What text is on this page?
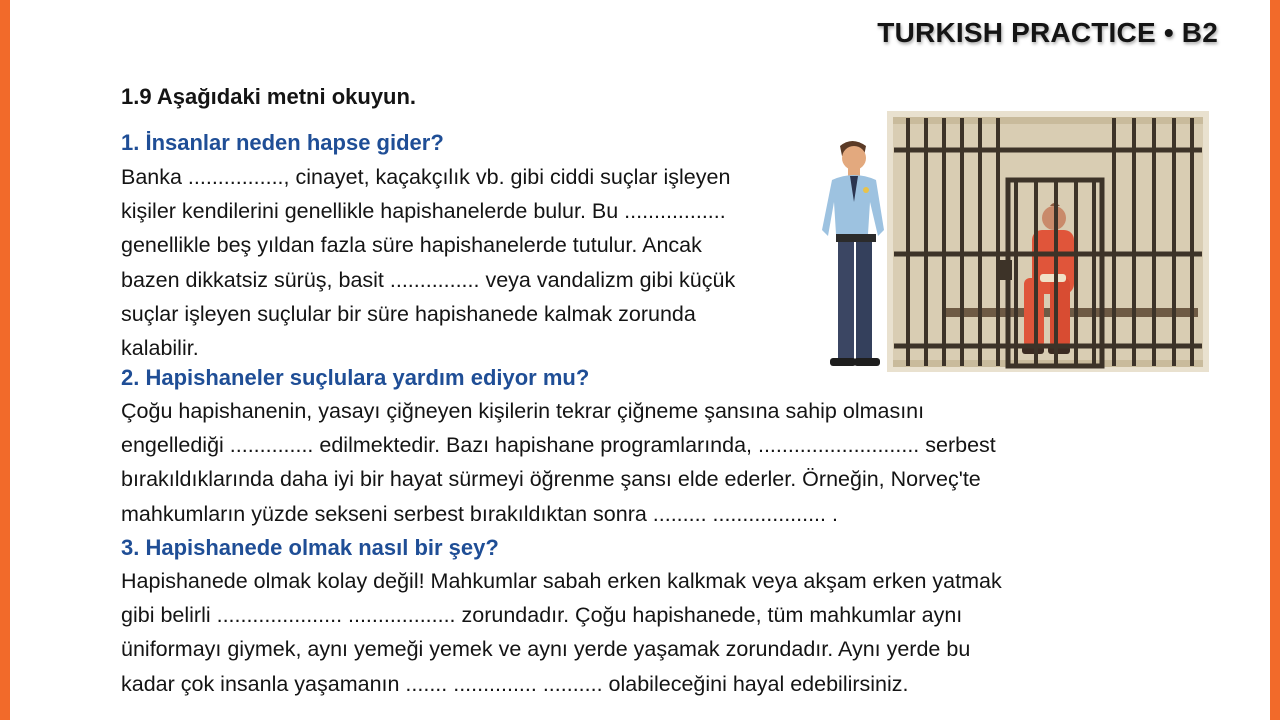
TURKISH PRACTICE • B2
1.9 Aşağıdaki metni okuyun.
1. İnsanlar neden hapse gider?
Banka ................, cinayet, kaçakçılık vb. gibi ciddi suçlar işleyen
kişiler kendilerini genellikle hapishanelerde bulur. Bu .................
genellikle beş yıldan fazla süre hapishanelerde tutulur. Ancak
bazen dikkatsiz sürüş, basit ............... veya vandalizm gibi küçük
suçlar işleyen suçlular bir süre hapishanede kalmak zorunda
kalabilir.
2. Hapishaneler suçlulara yardım ediyor mu?
Çoğu hapishanenin, yasayı çiğneyen kişilerin tekrar çiğneme şansına sahip olmasını
engellediği .............. edilmektedir. Bazı hapishane programlarında, ........................... serbest
bırakıldıklarında daha iyi bir hayat sürmeyi öğrenme şansı elde ederler. Örneğin, Norveç'te
mahkumların yüzde sekseni serbest bırakıldıktan sonra ......... ................... .
3. Hapishanede olmak nasıl bir şey?
Hapishanede olmak kolay değil! Mahkumlar sabah erken kalkmak veya akşam erken yatmak
gibi belirli ..................... .................. zorundadır. Çoğu hapishanede, tüm mahkumlar aynı
üniformayı giymek, aynı yemeği yemek ve aynı yerde yaşamak zorundadır. Aynı yerde bu
kadar çok insanla yaşamanın ....... .............. .......... olabileceğini hayal edebilirsiniz.
